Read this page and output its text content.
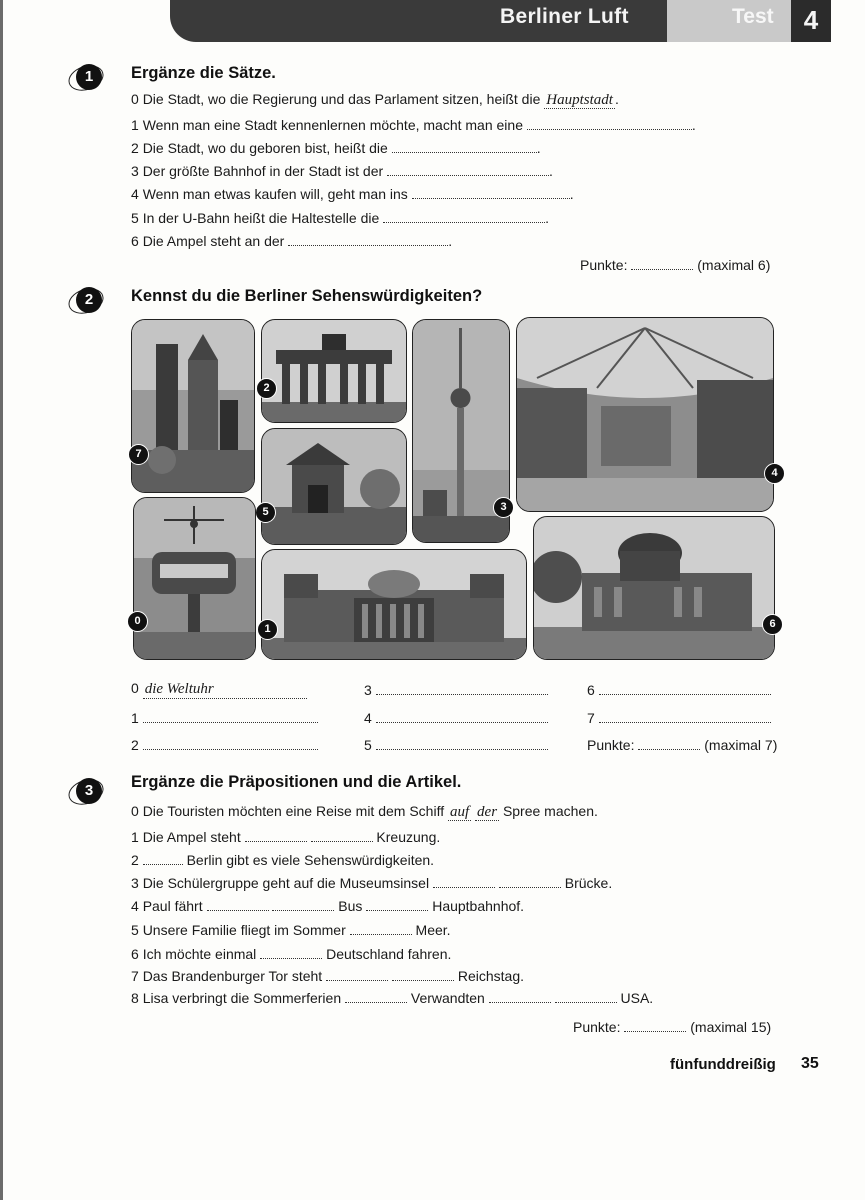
Berliner Luft	Test	4
1	Ergänze die Sätze.
0 Die Stadt, wo die Regierung und das Parlament sitzen, heißt die Hauptstadt .
1 Wenn man eine Stadt kennenlernen möchte, macht man eine	.
2 Die Stadt, wo du geboren bist, heißt die	.
3 Der größte Bahnhof in der Stadt ist der	.
4 Wenn man etwas kaufen will, geht man ins	.
5 In der U-Bahn heißt die Haltestelle die	.
6 Die Ampel steht an der	.
Punkte:	(maximal 6)
2	Kennst du die Berliner Sehenswürdigkeiten?
7
2
5	3
4
0
1	6
0 die Weltuhr
1
2
3
4
5
6
7
Punkte:	(maximal 7)
3	Ergänze die Präpositionen und die Artikel.
0 Die Touristen möchten eine Reise mit dem Schiff auf der Spree machen.
1 Die Ampel steht	Kreuzung.
2	Berlin gibt es viele Sehenswürdigkeiten.
3 Die Schülergruppe geht auf die Museumsinsel	Brücke.
4 Paul fährt	Bus	Hauptbahnhof.
5 Unsere Familie fliegt im Sommer	Meer.
6 Ich möchte einmal	Deutschland fahren.
7 Das Brandenburger Tor steht	Reichstag.
8 Lisa verbringt die Sommerferien	Verwandten	USA.
Punkte:	(maximal 15)
fünfunddreißig 35
